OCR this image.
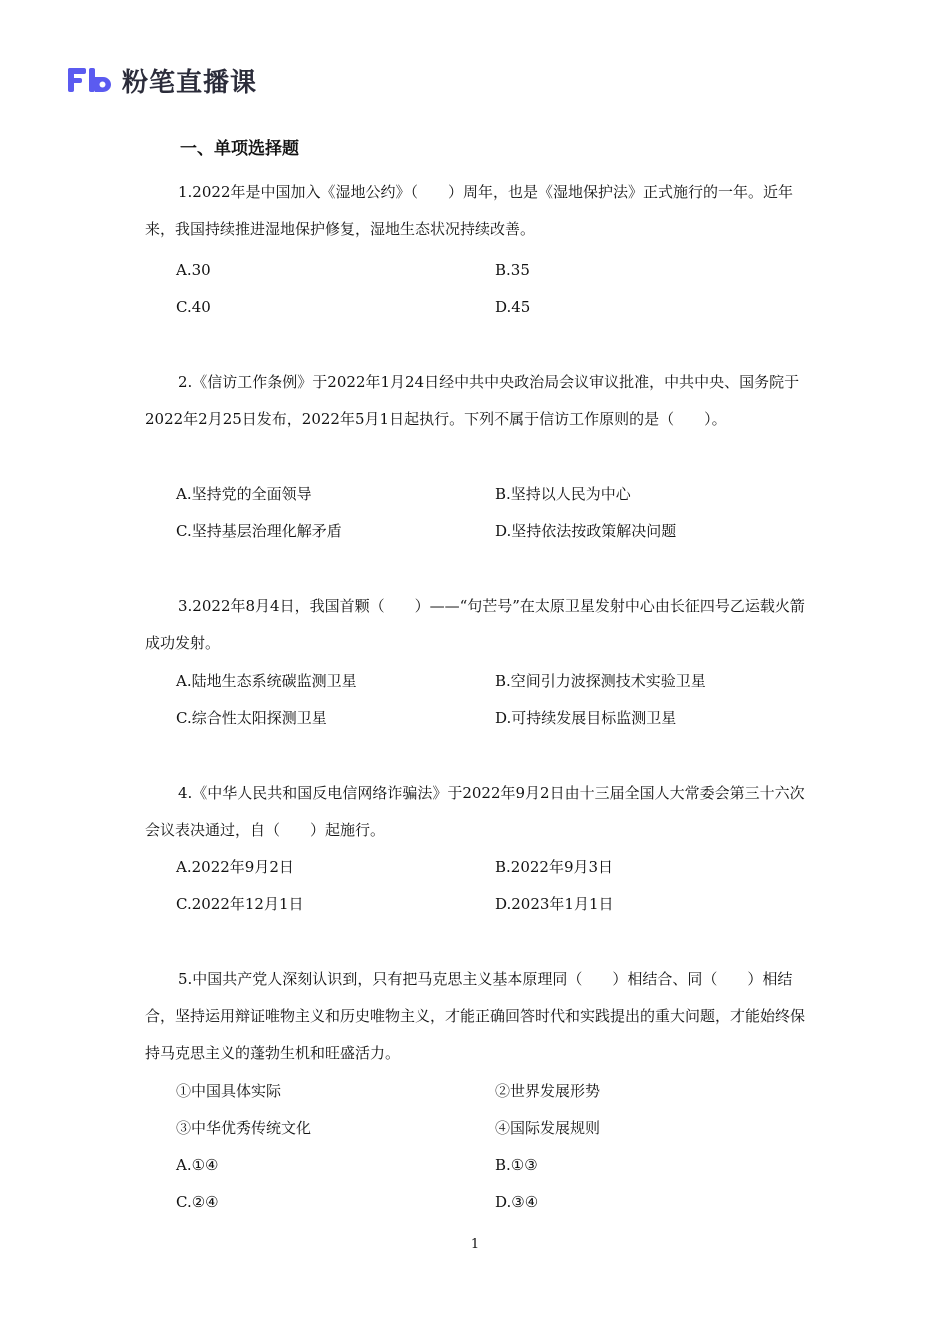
粉笔直播课
一、单项选择题
1.2022年是中国加入《湿地公约》（　　）周年，也是《湿地保护法》正式施行的一年。近年来，我国持续推进湿地保护修复，湿地生态状况持续改善。
A.30	B.35
C.40	D.45
2.《信访工作条例》于2022年1月24日经中共中央政治局会议审议批准，中共中央、国务院于2022年2月25日发布，2022年5月1日起执行。下列不属于信访工作原则的是（　　）。
A.坚持党的全面领导	B.坚持以人民为中心
C.坚持基层治理化解矛盾	D.坚持依法按政策解决问题
3.2022年8月4日，我国首颗（　　）——“句芒号”在太原卫星发射中心由长征四号乙运载火箭成功发射。
A.陆地生态系统碳监测卫星	B.空间引力波探测技术实验卫星
C.综合性太阳探测卫星	D.可持续发展目标监测卫星
4.《中华人民共和国反电信网络诈骗法》于2022年9月2日由十三届全国人大常委会第三十六次会议表决通过，自（　　）起施行。
A.2022年9月2日	B.2022年9月3日
C.2022年12月1日	D.2023年1月1日
5.中国共产党人深刻认识到，只有把马克思主义基本原理同（　　）相结合、同（　　）相结合，坚持运用辩证唯物主义和历史唯物主义，才能正确回答时代和实践提出的重大问题，才能始终保持马克思主义的蓬勃生机和旺盛活力。
①中国具体实际	②世界发展形势
③中华优秀传统文化	④国际发展规则
A.①④	B.①③
C.②④	D.③④
1
